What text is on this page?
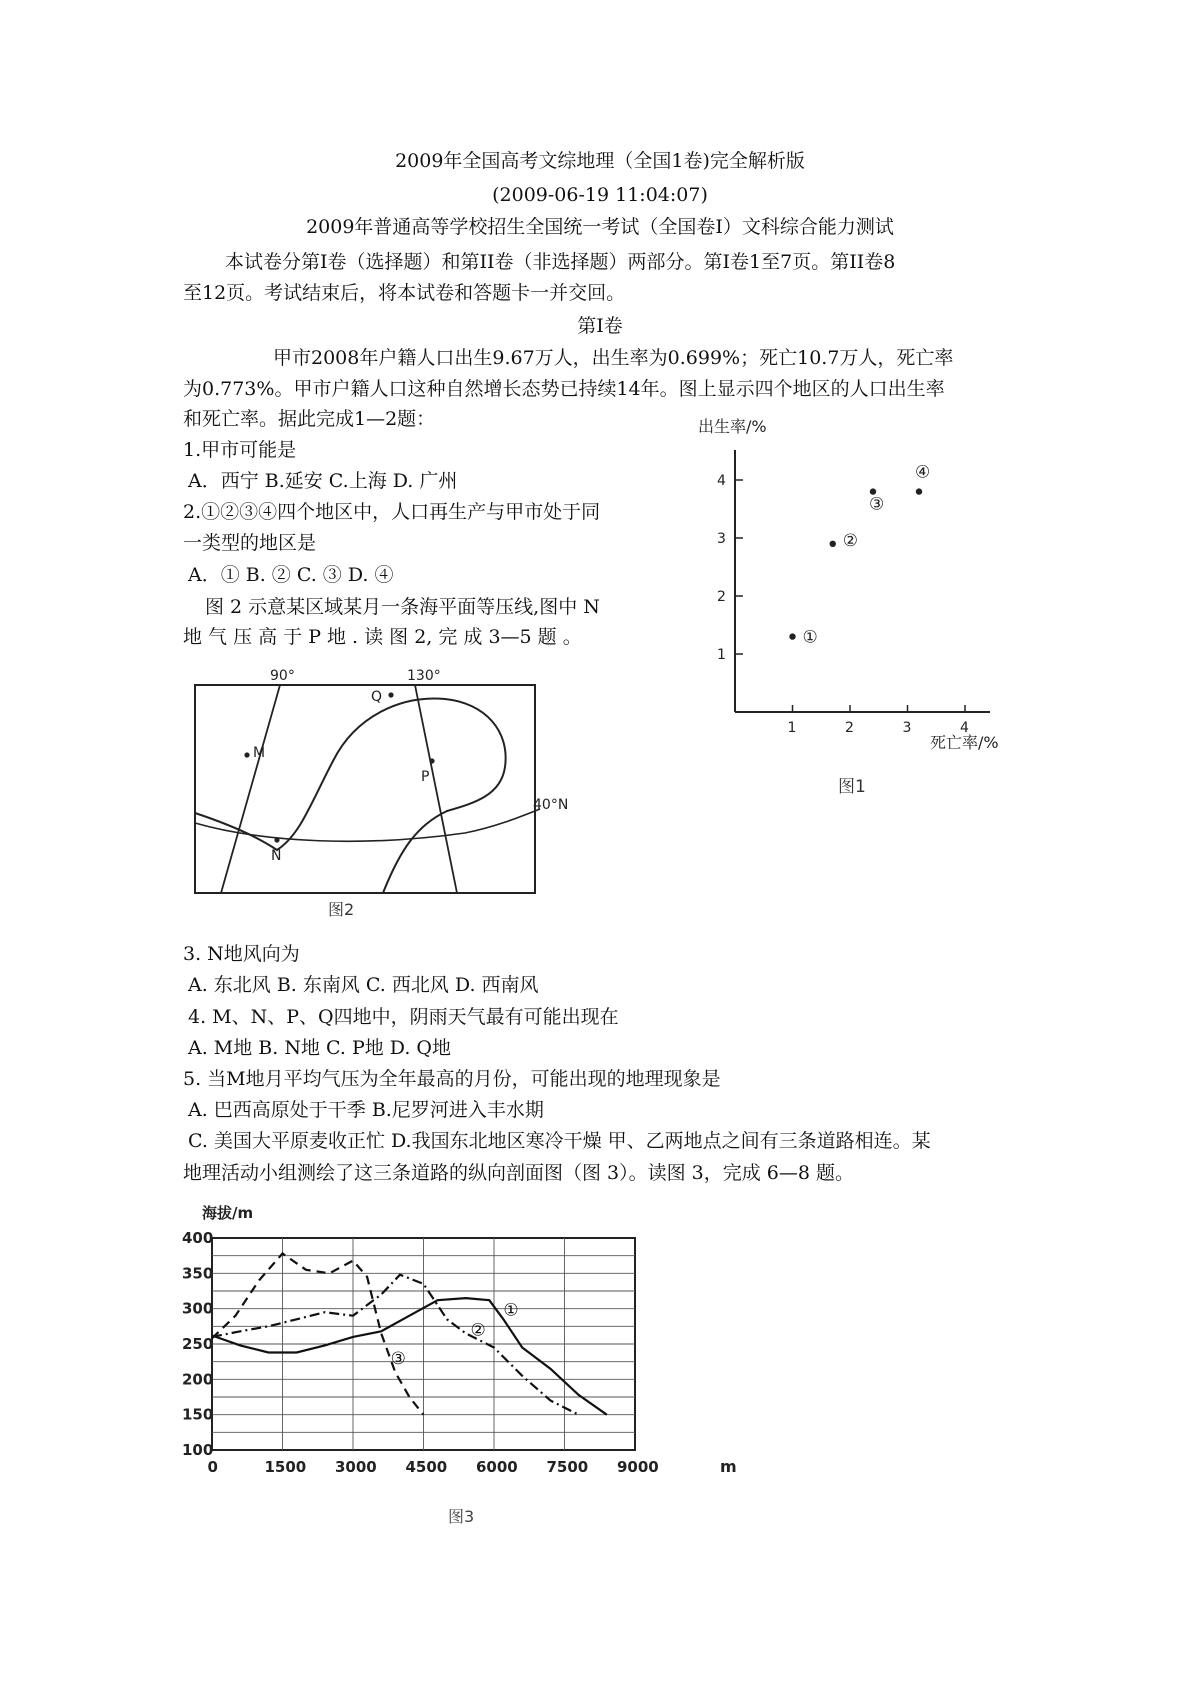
2009年全国高考文综地理（全国1卷)完全解析版
(2009-06-19 11:04:07)
2009年普通高等学校招生全国统一考试（全国卷I）文科综合能力测试
本试卷分第I卷（选择题）和第II卷（非选择题）两部分。第I卷1至7页。第II卷8
至12页。考试结束后，将本试卷和答题卡一并交回。
第I卷
甲市2008年户籍人口出生9.67万人，出生率为0.699%；死亡10.7万人，死亡率
为0.773%。甲市户籍人口这种自然增长态势已持续14年。图上显示四个地区的人口出生率
和死亡率。据此完成1—2题：
1.甲市可能是
A．西宁 B.延安 C.上海 D. 广州
2.①②③④四个地区中，人口再生产与甲市处于同
一类型的地区是
A．① B. ② C. ③ D. ④
图 2 示意某区域某月一条海平面等压线,图中 N
地 气 压 高 于 P 地 . 读 图 2, 完 成 3—5 题 。
出生率/%
1	2	3	4
1
2
3
4
①
②
③
④
死亡率/%
图1
90°	130°
40°N
M
N
P
Q
图2
3. N地风向为
A. 东北风 B. 东南风 C. 西北风 D. 西南风
4. M、N、P、Q四地中，阴雨天气最有可能出现在
A. M地 B. N地 C. P地 D. Q地
5. 当M地月平均气压为全年最高的月份，可能出现的地理现象是
A. 巴西高原处于干季 B.尼罗河进入丰水期
C. 美国大平原麦收正忙 D.我国东北地区寒冷干燥 甲、乙两地点之间有三条道路相连。某
地理活动小组测绘了这三条道路的纵向剖面图（图 3）。读图 3，完成 6—8 题。
海拔/m
①
②
③
100
150
200
250
300
350
400
0	1500 3000 4500 6000 7500 9000	m
图3
